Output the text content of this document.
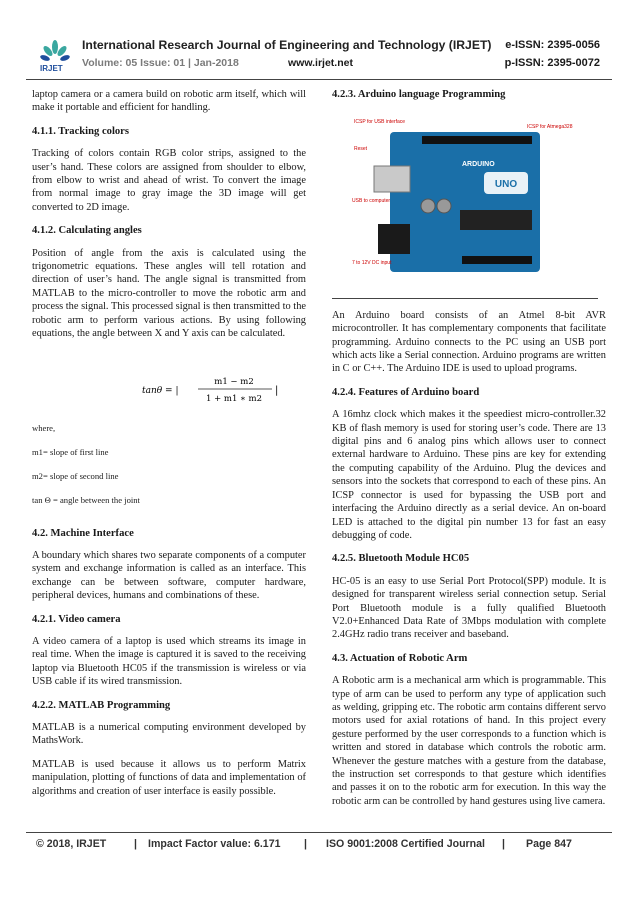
IRJET
International Research Journal of Engineering and Technology (IRJET) e-ISSN: 2395-0056
Volume: 05 Issue: 01 | Jan-2018	www.irjet.net	p-ISSN: 2395-0072

laptop camera or a camera build on robotic arm itself, which will make it portable and efficient for handling.

4.1.1. Tracking colors

Tracking of colors contain RGB color strips, assigned to the user’s hand. These colors are assigned from shoulder to elbow, from elbow to wrist and ahead of wrist. To convert the image from normal image to gray image the 3D image will get converted to 2D image.

4.1.2. Calculating angles

Position of angle from the axis is calculated using the trigonometric equations. These angles will tell rotation and direction of user’s hand. The angle signal is transmitted from MATLAB to the micro-controller to move the robotic arm and process the signal. This processed signal is then transmitted to the robotic arm to perform various actions. By using following equations, the angle between X and Y axis can be calculated.

tanθ = |
m1 − m2
1 + m1 ∗ m2
|

where,

m1= slope of first line

m2= slope of second line

tan Θ = angle between the joint

4.2. Machine Interface

A boundary which shares two separate components of a computer system and exchange information is called as an interface. This exchange can be between software, computer hardware, peripheral devices, humans and combinations of these.

4.2.1. Video camera

A video camera of a laptop is used which streams its image in real time. When the image is captured it is saved to the receiving laptop via Bluetooth HC05 if the transmission is wireless or via USB cable if its wired transmission.

4.2.2. MATLAB Programming

MATLAB is a numerical computing environment developed by MathsWork.

MATLAB is used because it allows us to perform Matrix manipulation, plotting of functions of data and implementation of algorithms and creation of user interface is easily possible.

4.2.3. Arduino language Programming
UNO
ARDUINO
ICSP for USB interface
Reset
USB to computer
7 to 12V DC input
ICSP for Atmega328

An Arduino board consists of an Atmel 8-bit AVR microcontroller. It has complementary components that facilitate programming. Arduino connects to the PC using an USB port which acts like a Serial connection. Arduino programs are written in C or C++. The Arduino IDE is used to upload programs.

4.2.4. Features of Arduino board

A 16mhz clock which makes it the speediest micro-controller.32 KB of flash memory is used for storing user’s code. There are 13 digital pins and 6 analog pins which allows user to connect external hardware to Arduino. These pins are key for extending the computing capability of the Arduino. Plug the devices and sensors into the sockets that correspond to each of these pins. An ICSP connector is used for bypassing the USB port and interfacing the Arduino directly as a serial device. An on-board LED is attached to the digital pin number 13 for fast an easy debugging of code.

4.2.5. Bluetooth Module HC05

HC-05 is an easy to use Serial Port Protocol(SPP) module. It is designed for transparent wireless serial connection setup. Serial Port Bluetooth module is a fully qualified Bluetooth V2.0+Enhanced Data Rate of 3Mbps modulation with complete 2.4GHz radio trans receiver and baseband.

4.3. Actuation of Robotic Arm

A Robotic arm is a mechanical arm which is programmable. This type of arm can be used to perform any type of application such as welding, gripping etc. The robotic arm contains different servo motors used for axial rotations of hand. In this project every gesture performed by the user corresponds to a function which is written and stored in database which controls the robotic arm. Whenever the gesture matches with a gesture from the database, the instruction set corresponds to that gesture which identifies and passes it on to the robotic arm for execution. In this way the robotic arm can be controlled by hand gestures using live camera.

© 2018, IRJET	| Impact Factor value: 6.171 | ISO 9001:2008 Certified Journal | Page 847
